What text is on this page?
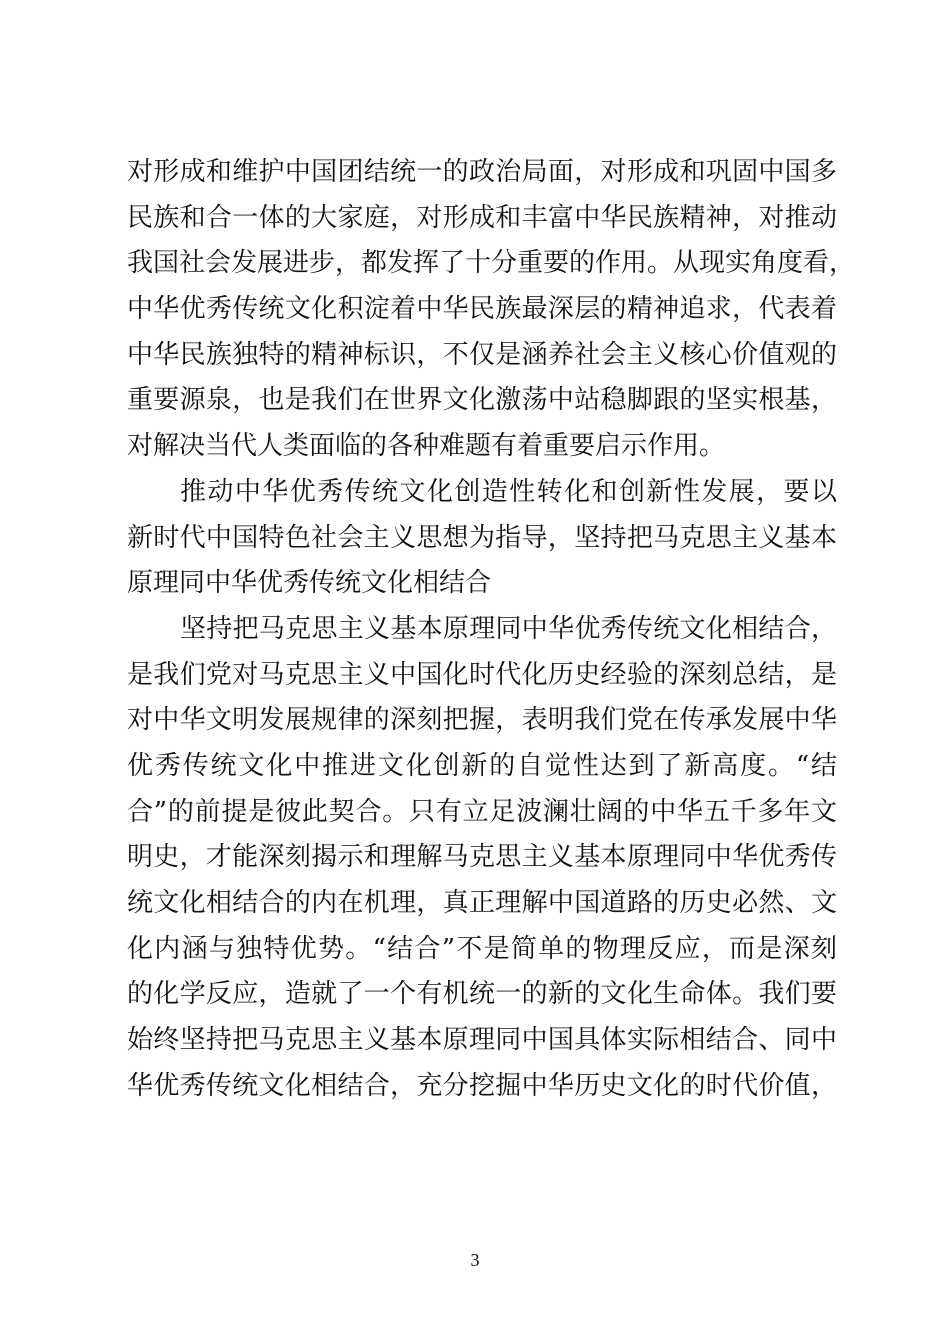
对形成和维护中国团结统一的政治局面，对形成和巩固中国多
民族和合一体的大家庭，对形成和丰富中华民族精神，对推动
我国社会发展进步，都发挥了十分重要的作用。从现实角度看，
中华优秀传统文化积淀着中华民族最深层的精神追求，代表着
中华民族独特的精神标识，不仅是涵养社会主义核心价值观的
重要源泉，也是我们在世界文化激荡中站稳脚跟的坚实根基，
对解决当代人类面临的各种难题有着重要启示作用。
推动中华优秀传统文化创造性转化和创新性发展，要以
新时代中国特色社会主义思想为指导，坚持把马克思主义基本
原理同中华优秀传统文化相结合
坚持把马克思主义基本原理同中华优秀传统文化相结合，
是我们党对马克思主义中国化时代化历史经验的深刻总结，是
对中华文明发展规律的深刻把握，表明我们党在传承发展中华
优秀传统文化中推进文化创新的自觉性达到了新高度。“结
合”的前提是彼此契合。只有立足波澜壮阔的中华五千多年文
明史，才能深刻揭示和理解马克思主义基本原理同中华优秀传
统文化相结合的内在机理，真正理解中国道路的历史必然、文
化内涵与独特优势。“结合”不是简单的物理反应，而是深刻
的化学反应，造就了一个有机统一的新的文化生命体。我们要
始终坚持把马克思主义基本原理同中国具体实际相结合、同中
华优秀传统文化相结合，充分挖掘中华历史文化的时代价值，
3
